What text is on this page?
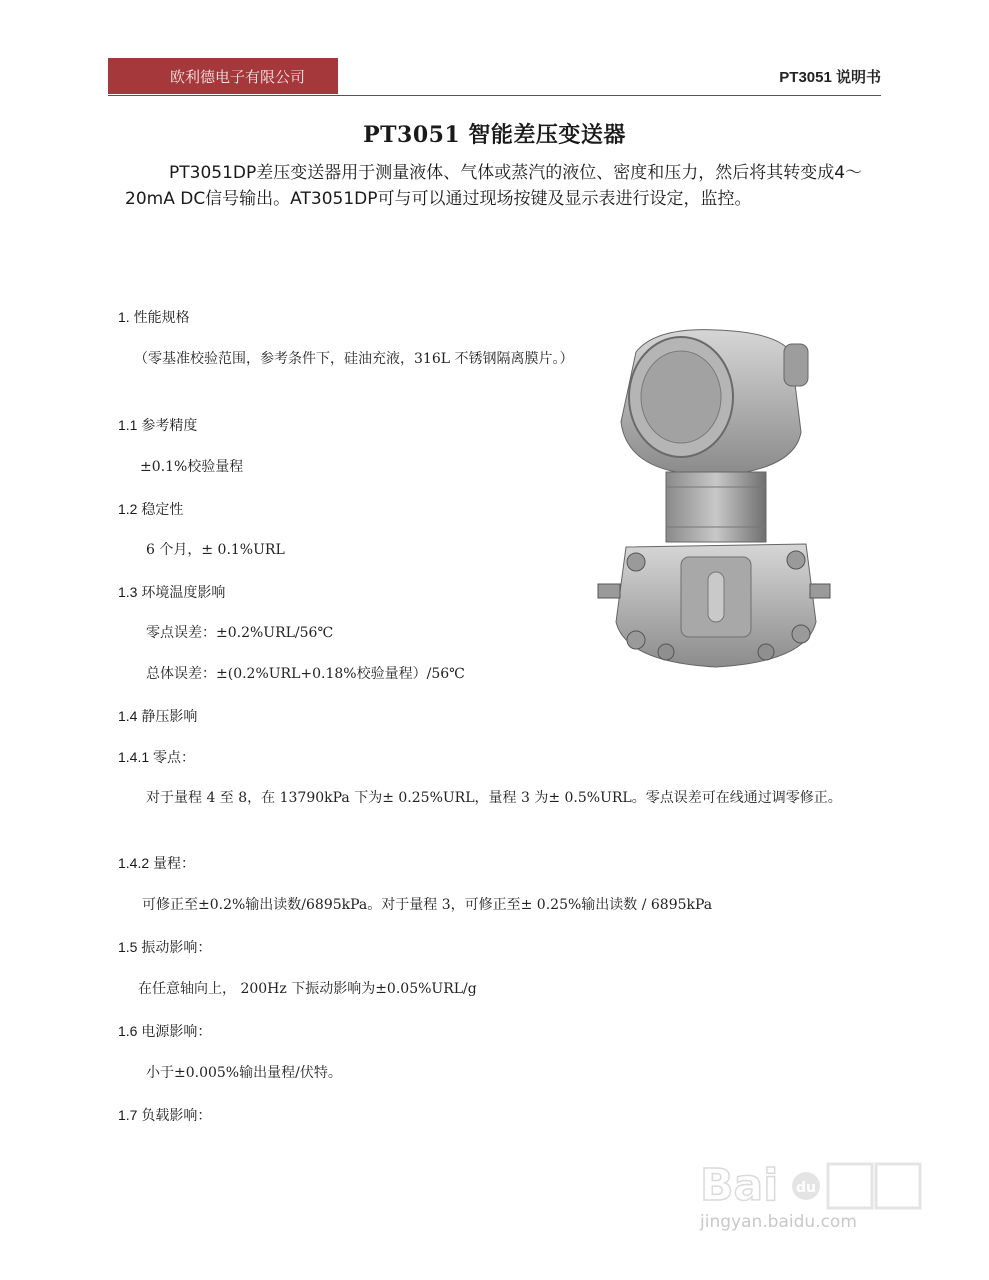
欧利德电子有限公司	PT3051 说明书
PT3051 智能差压变送器
PT3051DP差压变送器用于测量液体、气体或蒸汽的液位、密度和压力，然后将其转变成4～20mA DC信号输出。AT3051DP可与可以通过现场按键及显示表进行设定，监控。
1. 性能规格
（零基准校验范围，参考条件下，硅油充液，316L 不锈钢隔离膜片。）
1.1 参考精度
±0.1%校验量程
1.2 稳定性
6 个月，± 0.1%URL
1.3 环境温度影响
零点误差：±0.2%URL/56℃
总体误差：±(0.2%URL+0.18%校验量程）/56℃
1.4 静压影响
1.4.1 零点：
对于量程 4 至 8，在 13790kPa 下为± 0.25%URL，量程 3 为± 0.5%URL。零点误差可在线通过调零修正。
1.4.2 量程：
可修正至±0.2%输出读数/6895kPa。对于量程 3，可修正至± 0.25%输出读数 / 6895kPa
1.5 振动影响：
在任意轴向上， 200Hz 下振动影响为±0.05%URL/g
1.6 电源影响：
小于±0.005%输出量程/伏特。
1.7 负载影响：
Bai du
jingyan.baidu.com
